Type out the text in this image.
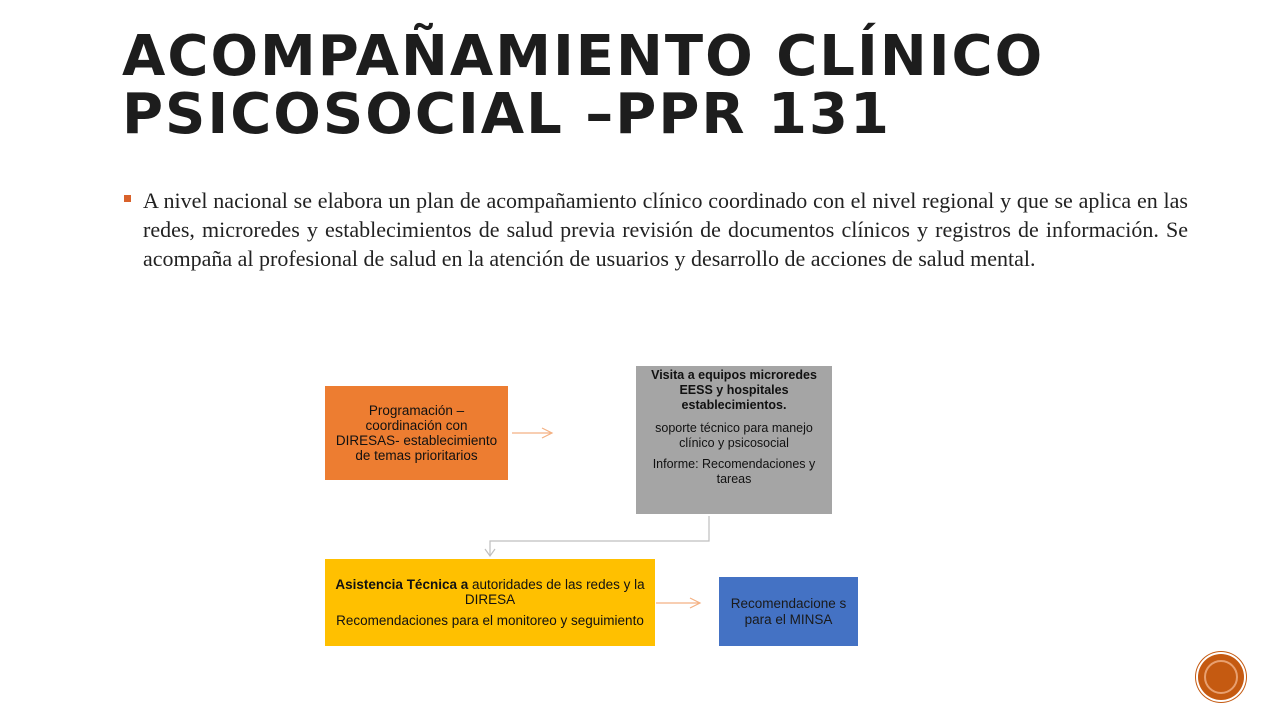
ACOMPAÑAMIENTO CLÍNICO
PSICOSOCIAL –PPR 131

A nivel nacional se elabora un plan de acompañamiento clínico coordinado con el nivel regional y que se aplica en las redes, microredes y establecimientos de salud previa revisión de documentos clínicos y registros de información. Se acompaña al profesional de salud en la atención de usuarios y desarrollo de acciones de salud mental.

Programación – coordinación con DIRESAS- establecimiento de temas prioritarios
Visita a equipos microredes EESS y hospitales establecimientos.
soporte técnico para manejo clínico y psicosocial
Informe: Recomendaciones y tareas
Asistencia Técnica a autoridades de las redes y la DIRESA
Recomendaciones para el monitoreo y seguimiento
Recomendacione s para el MINSA
